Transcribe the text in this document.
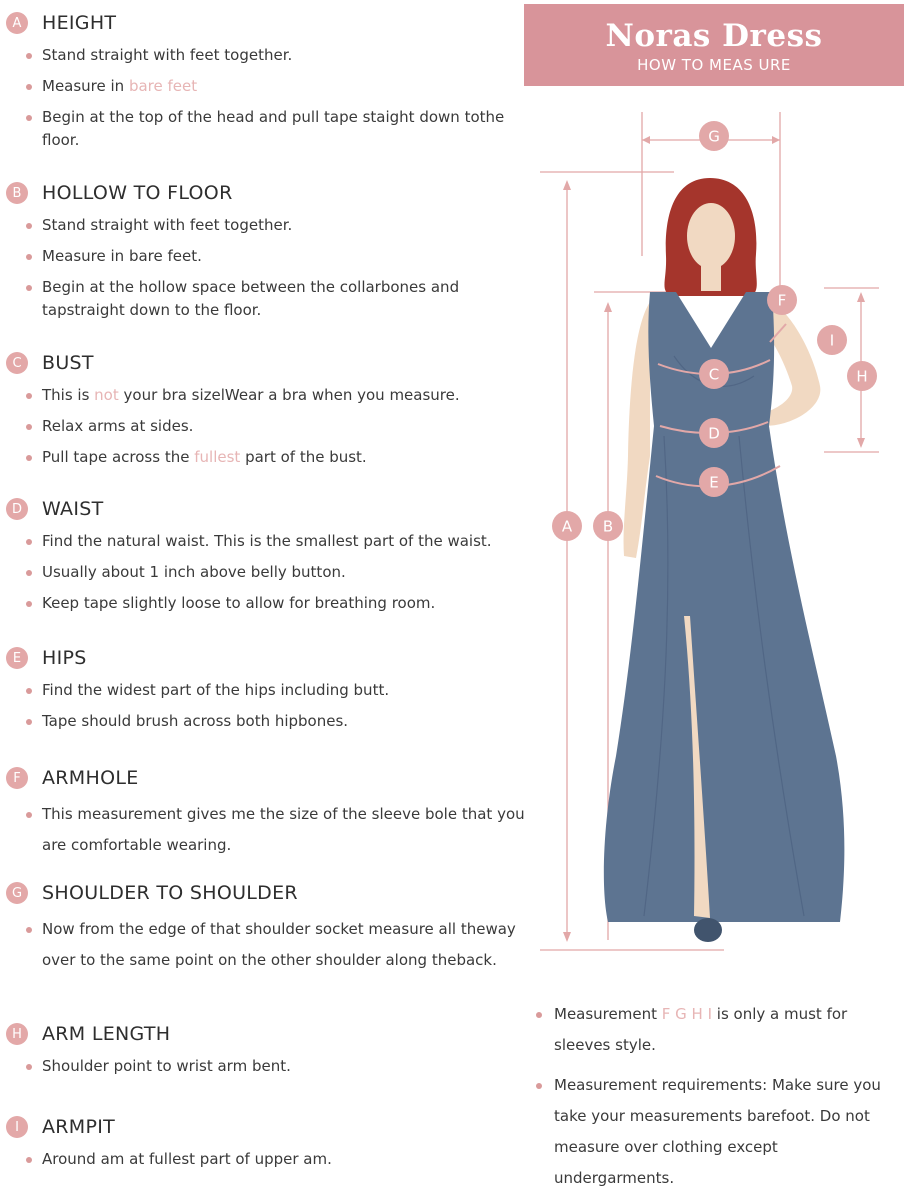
A	HEIGHT
Stand straight with feet together.
Measure in bare feet
Begin at the top of the head and pull tape staight down tothe floor.
B	HOLLOW TO FLOOR
Stand straight with feet together.
Measure in bare feet.
Begin at the hollow space between the collarbones and tapstraight down to the floor.
C	BUST
This is not your bra sizelWear a bra when you measure.
Relax arms at sides.
Pull tape across the fullest part of the bust.
D	WAIST
Find the natural waist. This is the smallest part of the waist.
Usually about 1 inch above belly button.
Keep tape slightly loose to allow for breathing room.
E	HIPS
Find the widest part of the hips including butt.
Tape should brush across both hipbones.
F	ARMHOLE
This measurement gives me the size of the sleeve bole that you are comfortable wearing.
G	SHOULDER TO SHOULDER
Now from the edge of that shoulder socket measure all theway over to the same point on the other shoulder along theback.
H	ARM LENGTH
Shoulder point to wrist arm bent.
I	ARMPIT
Around am at fullest part of upper am.
Noras Dress
HOW TO MEAS URE
G
F
I
C	H
D
E
A B
Measurement F G H I is only a must for sleeves style.
Measurement requirements: Make sure you take your measurements barefoot. Do not measure over clothing except undergarments.
